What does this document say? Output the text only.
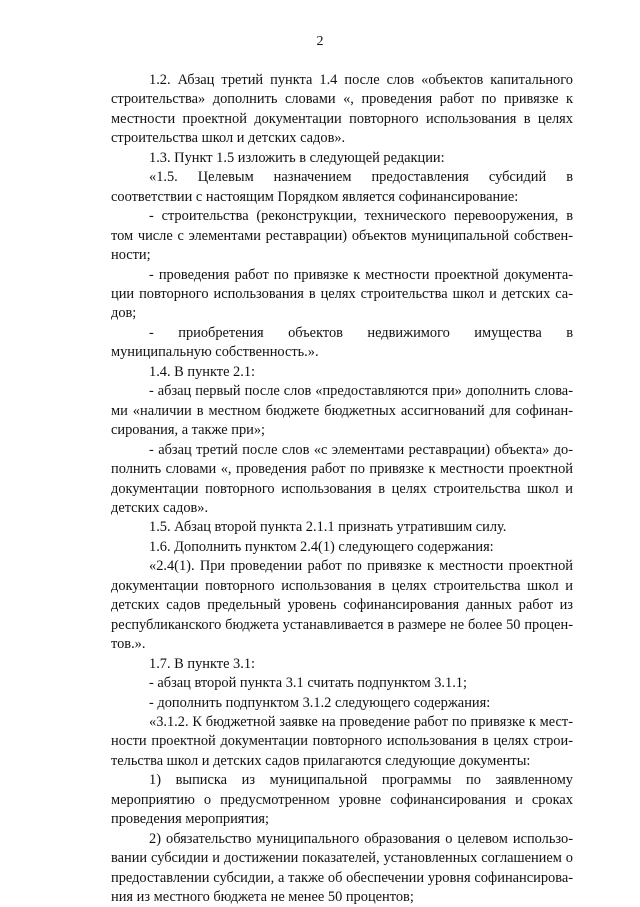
2

1.2. Абзац третий пункта 1.4 после слов «объектов капитального строительства» дополнить словами «, проведения работ по привязке к местности проектной документации повторного использования в целях строительства школ и детских садов».

1.3. Пункт 1.5 изложить в следующей редакции:

«1.5. Целевым назначением предоставления субсидий в соответствии с настоящим Порядком является софинансирование:

- строительства (реконструкции, технического перевооружения, в том числе с элементами реставрации) объектов муниципальной собственности;

- проведения работ по привязке к местности проектной документации повторного использования в целях строительства школ и детских садов;

- приобретения объектов недвижимого имущества в муниципальную собственность.».

1.4. В пункте 2.1:

- абзац первый после слов «предоставляются при» дополнить словами «наличии в местном бюджете бюджетных ассигнований для софинансирования, а также при»;

- абзац третий после слов «с элементами реставрации) объекта» дополнить словами «, проведения работ по привязке к местности проектной документации повторного использования в целях строительства школ и детских садов».

1.5. Абзац второй пункта 2.1.1 признать утратившим силу.

1.6. Дополнить пунктом 2.4(1) следующего содержания:

«2.4(1). При проведении работ по привязке к местности проектной документации повторного использования в целях строительства школ и детских садов предельный уровень софинансирования данных работ из республиканского бюджета устанавливается в размере не более 50 процентов.».

1.7. В пункте 3.1:

- абзац второй пункта 3.1 считать подпунктом 3.1.1;

- дополнить подпунктом 3.1.2 следующего содержания:

«3.1.2. К бюджетной заявке на проведение работ по привязке к местности проектной документации повторного использования в целях строительства школ и детских садов прилагаются следующие документы:

1) выписка из муниципальной программы по заявленному мероприятию о предусмотренном уровне софинансирования и сроках проведения мероприятия;

2) обязательство муниципального образования о целевом использовании субсидии и достижении показателей, установленных соглашением о предоставлении субсидии, а также об обеспечении уровня софинансирования из местного бюджета не менее 50 процентов;
